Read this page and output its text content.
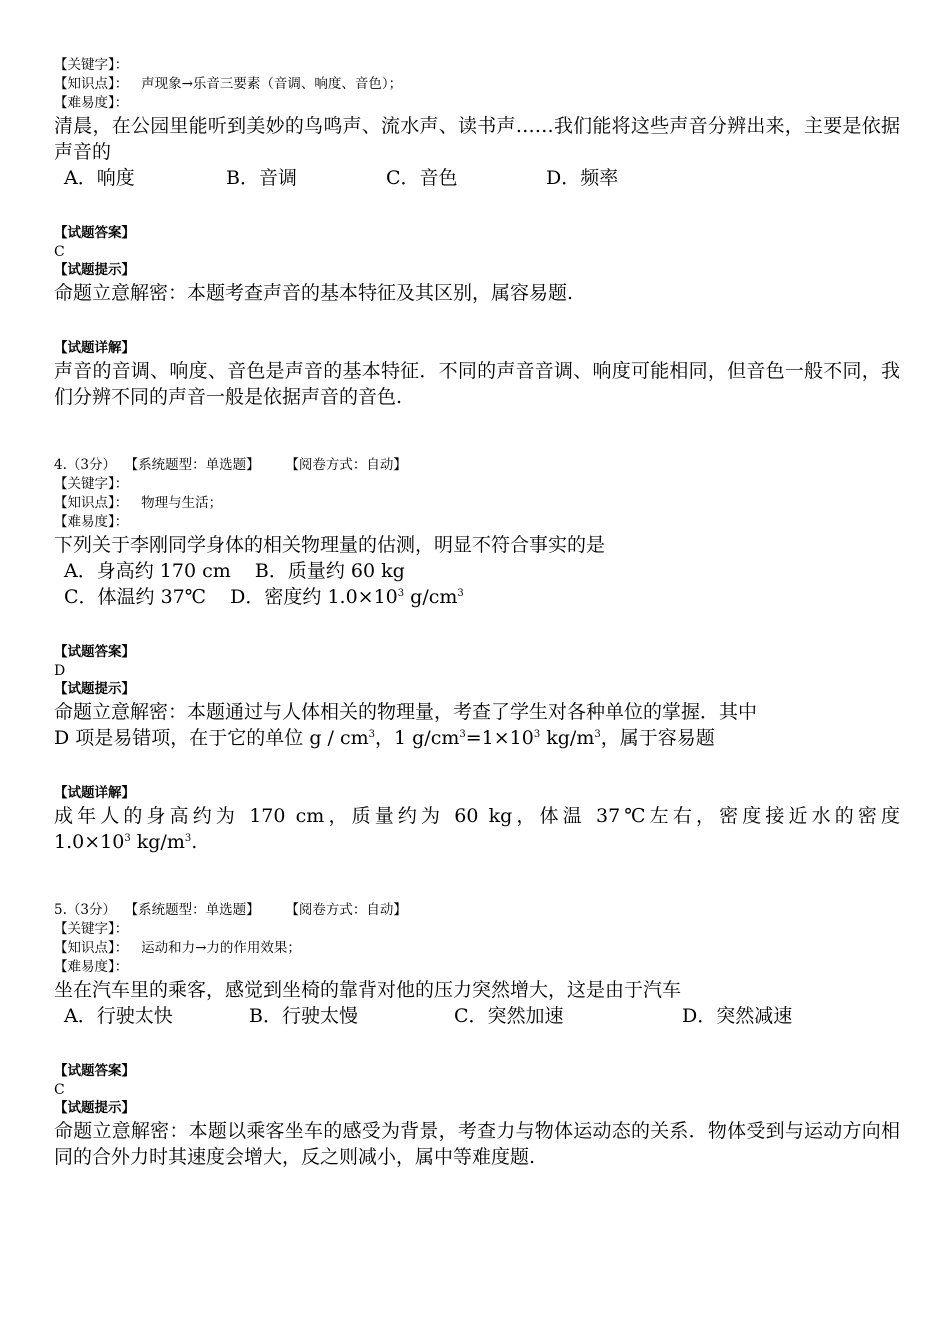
【关键字】：
【知识点】： 声现象→乐音三要素（音调、响度、音色）；
【难易度】：
清晨，在公园里能听到美妙的鸟鸣声、流水声、读书声……我们能将这些声音分辨出来，主要是依据声音的
A．响度	B．音调	C．音色	D．频率
【试题答案】
C
【试题提示】
命题立意解密：本题考查声音的基本特征及其区别，属容易题.
【试题详解】
声音的音调、响度、音色是声音的基本特征．不同的声音音调、响度可能相同，但音色一般不同，我们分辨不同的声音一般是依据声音的音色.
4.（3分） 【系统题型：单选题】 【阅卷方式：自动】
【关键字】：
【知识点】： 物理与生活；
【难易度】：
下列关于李刚同学身体的相关物理量的估测，明显不符合事实的是
A．身高约 170 cm    B．质量约 60 kg
C．体温约 37℃    D．密度约 $1.0\times 10^3$ $g/cm^3$
【试题答案】
D
【试题提示】
命题立意解密：本题通过与人体相关的物理量，考查了学生对各种单位的掌握．其中
D 项是易错项，在于它的单位 g / $cm^3$，1 $g/cm^3=1\times 10^3$ $kg/m^3$，属于容易题
【试题详解】
成年人的身高约为 170 cm，质量约为 60 kg，体温 37℃左右，密度接近水的密度
$1.0\times 10^3$ $kg/m^3$.
5.（3分） 【系统题型：单选题】 【阅卷方式：自动】
【关键字】：
【知识点】： 运动和力→力的作用效果；
【难易度】：
坐在汽车里的乘客，感觉到坐椅的靠背对他的压力突然增大，这是由于汽车
A．行驶太快	B．行驶太慢	C．突然加速	D．突然减速
【试题答案】
C
【试题提示】
命题立意解密：本题以乘客坐车的感受为背景，考查力与物体运动态的关系．物体受到与运动方向相同的合外力时其速度会增大，反之则减小，属中等难度题.
